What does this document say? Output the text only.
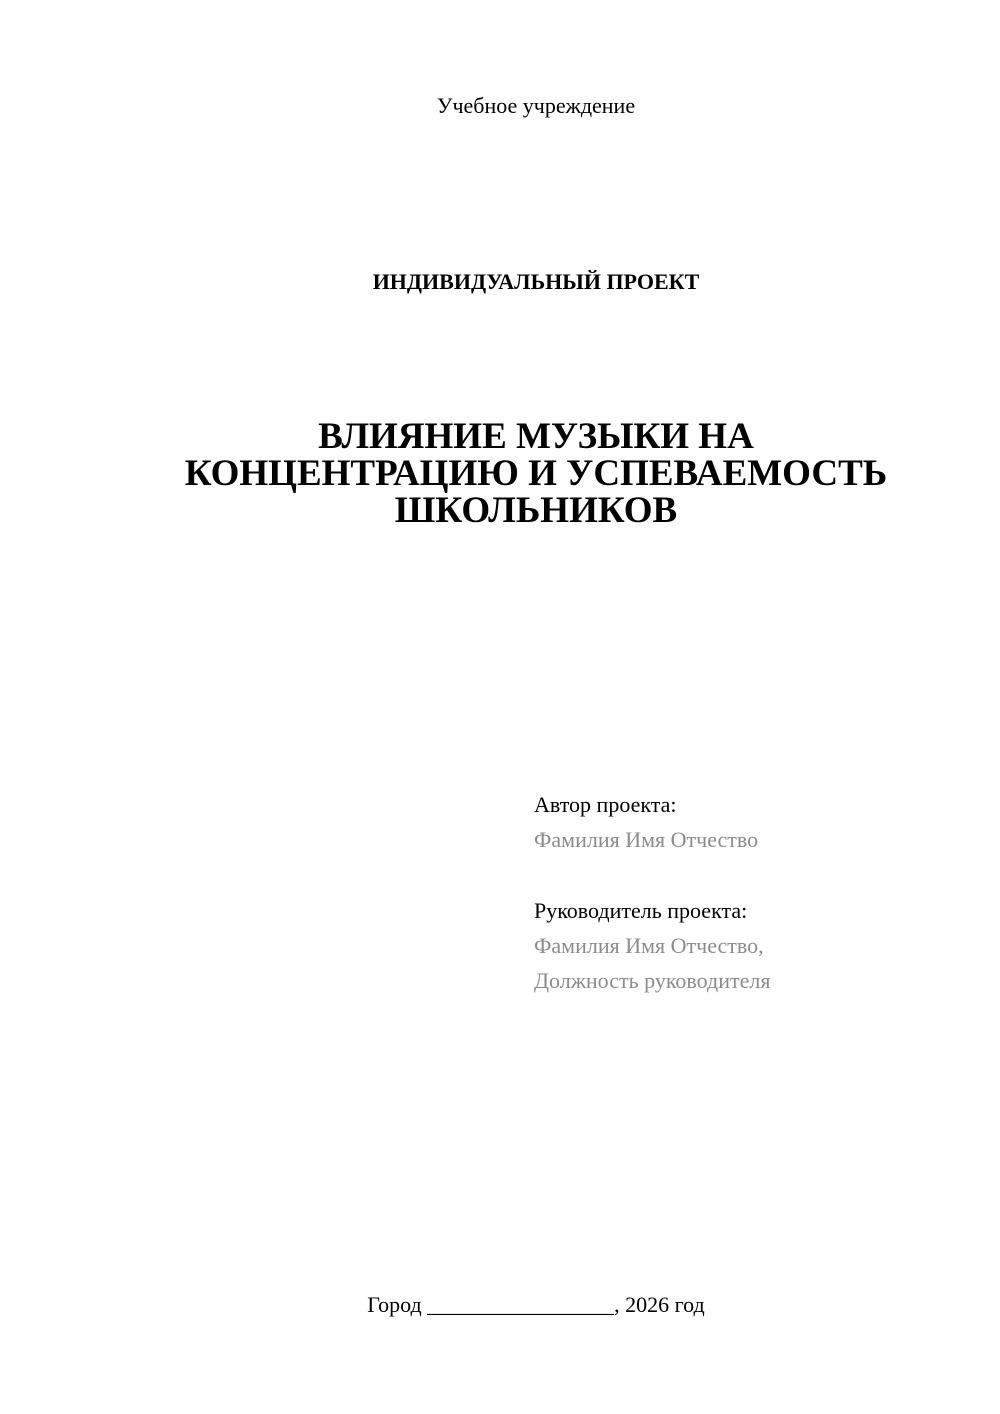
Учебное учреждение
ИНДИВИДУАЛЬНЫЙ ПРОЕКТ
ВЛИЯНИЕ МУЗЫКИ НА
КОНЦЕНТРАЦИЮ И УСПЕВАЕМОСТЬ
ШКОЛЬНИКОВ
Автор проекта:
Фамилия Имя Отчество
Руководитель проекта:
Фамилия Имя Отчество,
Должность руководителя
Город _________________, 2026 год
